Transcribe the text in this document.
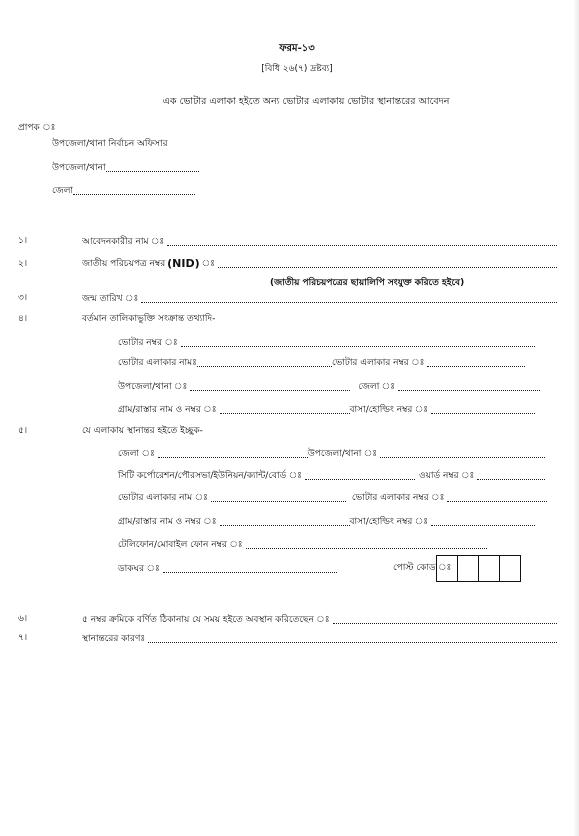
ফরম-১৩
[বিধি ২৬(৭) দ্রষ্টব্য]
এক ভোটার এলাকা হইতে অন্য ভোটার এলাকায় ভোটার স্থানান্তরের আবেদন
প্রাপক ঃ
উপজেলা/থানা নির্বাচন অফিসার
উপজেলা/থানা
জেলা
১।	আবেদনকারীর নাম ঃ
২।	জাতীয় পরিচয়পত্র নম্বর (NID) ঃ
(জাতীয় পরিচয়পত্রের ছায়ালিপি সংযুক্ত করিতে হইবে)
৩।	জন্ম তারিখ ঃ
৪।	বর্তমান তালিকাভুক্তি সংক্রান্ত তথ্যাদি-
ভোটার নম্বর ঃ
ভোটার এলাকার নামঃ	ভোটার এলাকার নম্বর ঃ
উপজেলা/থানা ঃ	জেলা ঃ
গ্রাম/রাস্তার নাম ও নম্বর ঃ	বাসা/হোল্ডিং নম্বর ঃ
৫।	যে এলাকায় স্থানান্তর হইতে ইচ্ছুক-
জেলা ঃ	উপজেলা/থানা ঃ
সিটি কর্পোরেশন/পৌরসভা/ইউনিয়ন/ক্যান্ট/বোর্ড ঃ	ওয়ার্ড নম্বর ঃ
ভোটার এলাকার নাম ঃ	ভোটার এলাকার নম্বর ঃ
গ্রাম/রাস্তার নাম ও নম্বর ঃ	বাসা/হোল্ডিং নম্বর ঃ
টেলিফোন/মোবাইল ফোন নম্বর ঃ
ডাকঘর ঃ	পোস্ট কোড ঃ
৬।	৫ নম্বর ক্রমিকে বর্ণিত ঠিকানায় যে সময় হইতে অবস্থান করিতেছেন ঃ
৭।	স্থানান্তরের কারণঃ
